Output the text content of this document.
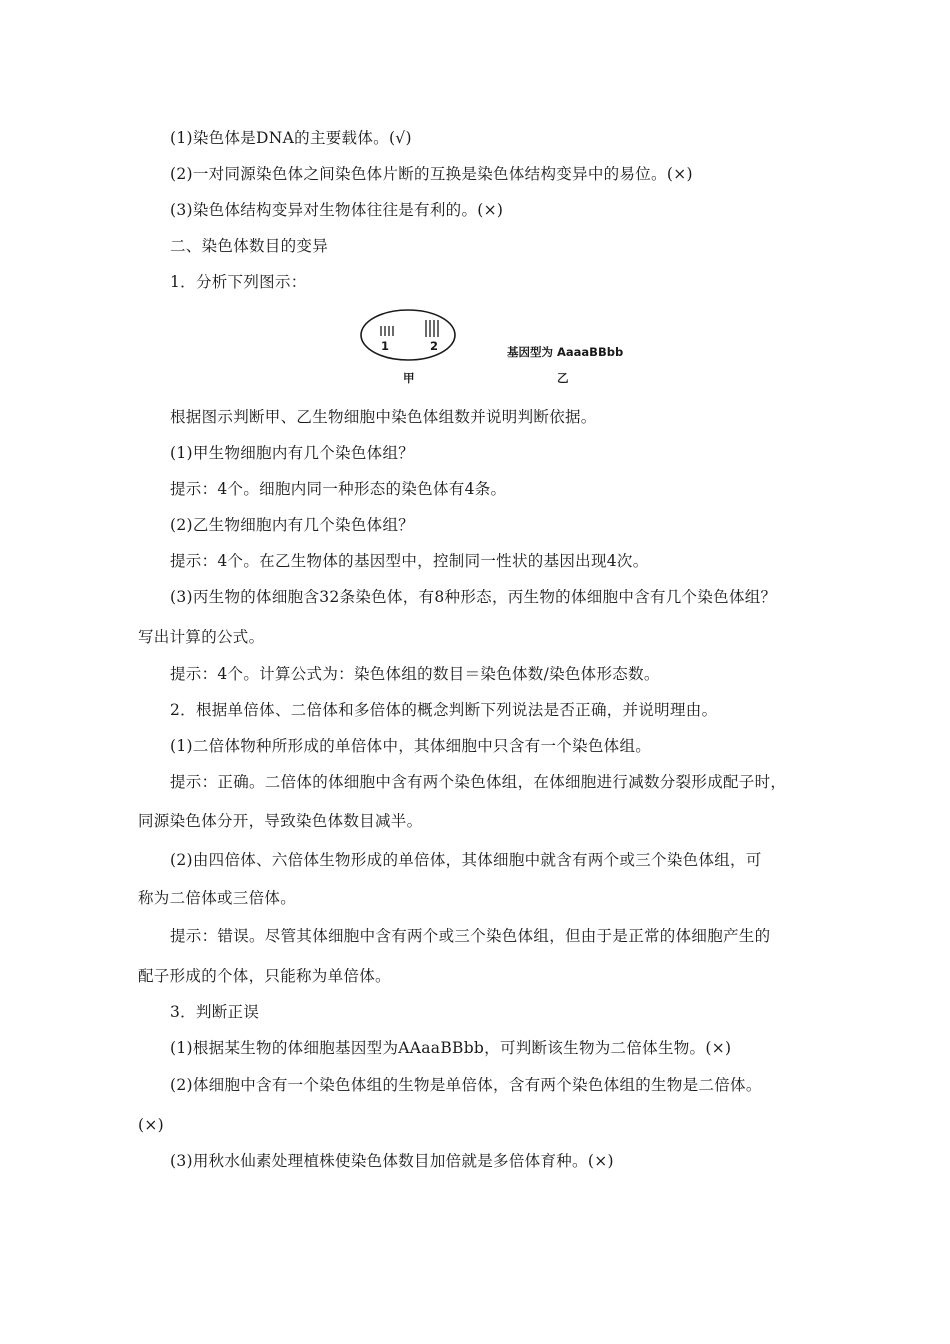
(1)染色体是DNA的主要载体。(√)
(2)一对同源染色体之间染色体片断的互换是染色体结构变异中的易位。(×)
(3)染色体结构变异对生物体往往是有利的。(×)
二、染色体数目的变异
1．分析下列图示：
1	2
甲
基因型为 AaaaBBbb
乙
根据图示判断甲、乙生物细胞中染色体组数并说明判断依据。
(1)甲生物细胞内有几个染色体组？
提示：4个。细胞内同一种形态的染色体有4条。
(2)乙生物细胞内有几个染色体组？
提示：4个。在乙生物体的基因型中，控制同一性状的基因出现4次。
(3)丙生物的体细胞含32条染色体，有8种形态，丙生物的体细胞中含有几个染色体组？
写出计算的公式。
提示：4个。计算公式为：染色体组的数目＝染色体数/染色体形态数。
2．根据单倍体、二倍体和多倍体的概念判断下列说法是否正确，并说明理由。
(1)二倍体物种所形成的单倍体中，其体细胞中只含有一个染色体组。
提示：正确。二倍体的体细胞中含有两个染色体组，在体细胞进行减数分裂形成配子时，
同源染色体分开，导致染色体数目减半。
(2)由四倍体、六倍体生物形成的单倍体，其体细胞中就含有两个或三个染色体组，可
称为二倍体或三倍体。
提示：错误。尽管其体细胞中含有两个或三个染色体组，但由于是正常的体细胞产生的
配子形成的个体，只能称为单倍体。
3．判断正误
(1)根据某生物的体细胞基因型为AAaaBBbb，可判断该生物为二倍体生物。(×)
(2)体细胞中含有一个染色体组的生物是单倍体，含有两个染色体组的生物是二倍体。
(×)
(3)用秋水仙素处理植株使染色体数目加倍就是多倍体育种。(×)
